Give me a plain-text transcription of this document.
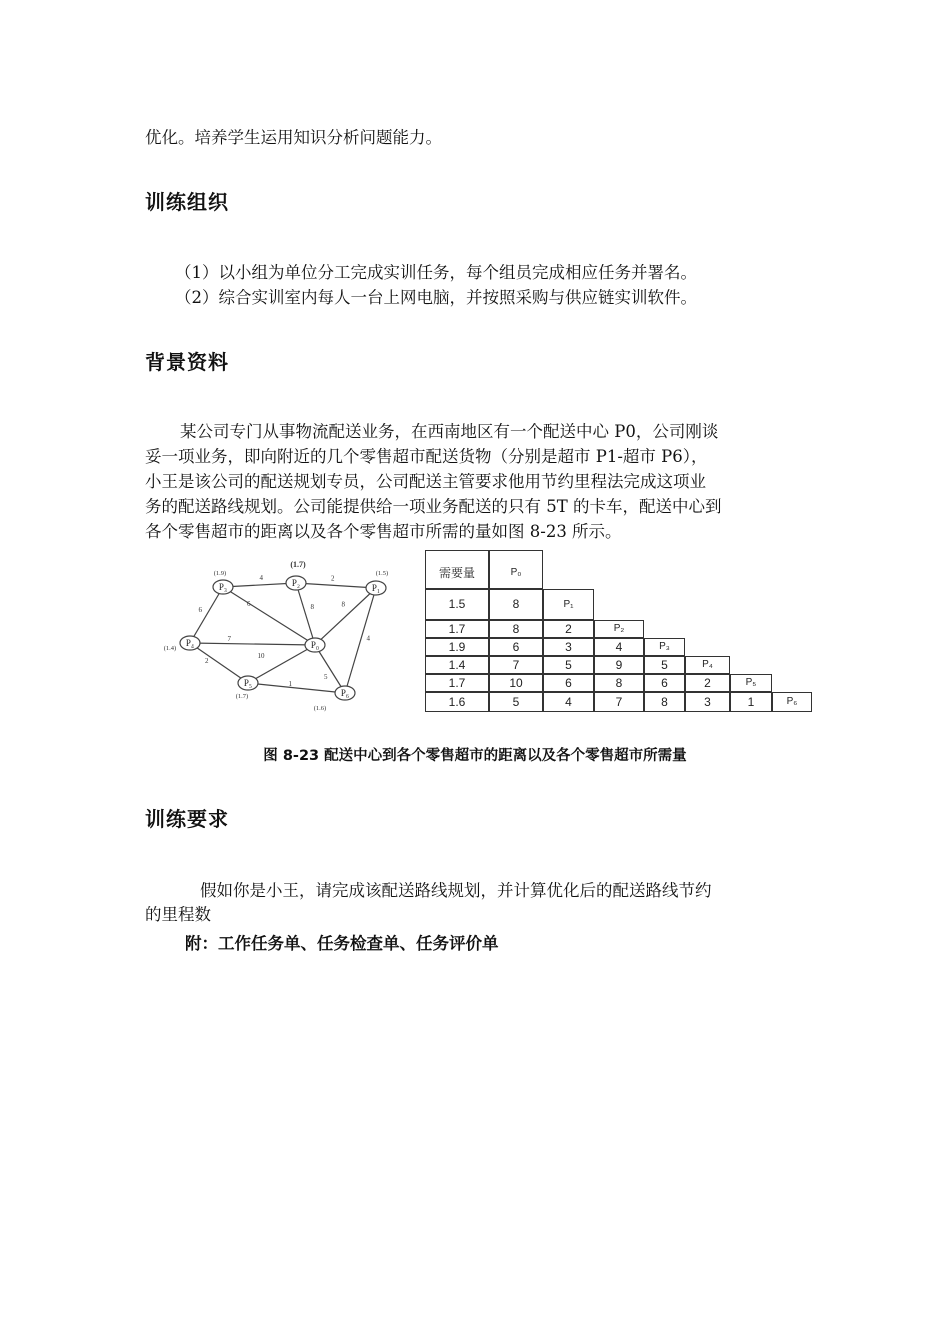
优化。培养学生运用知识分析问题能力。
训练组织
（1）以小组为单位分工完成实训任务，每个组员完成相应任务并署名。
（2）综合实训室内每人一台上网电脑，并按照采购与供应链实训软件。
背景资料
某公司专门从事物流配送业务，在西南地区有一个配送中心 P0，公司刚谈
妥一项业务，即向附近的几个零售超市配送货物（分别是超市 P1-超市 P6），
小王是该公司的配送规划专员，公司配送主管要求他用节约里程法完成这项业
务的配送路线规划。公司能提供给一项业务配送的只有 5T 的卡车，配送中心到
各个零售超市的距离以及各个零售超市所需的量如图 8-23 所示。
4	2
6
6	8	8
7	4
2
10
5
1
P₃
(1.9)
P₂
(1.7)
P₁
(1.5)
P₄
(1.4)	P₀
P₅
(1.7)	P₆
(1.6)
需要量	P₀
1.5	8	P₁
1.7	8	2	P₂
1.9	6	3	4	P₃
1.4	7	5	9	5	P₄
1.7	10	6	8	6	2	P₅
1.6	5	4	7	8	3	1	P₆
图 8-23 配送中心到各个零售超市的距离以及各个零售超市所需量
训练要求
假如你是小王，请完成该配送路线规划，并计算优化后的配送路线节约
的里程数
附：工作任务单、任务检查单、任务评价单
